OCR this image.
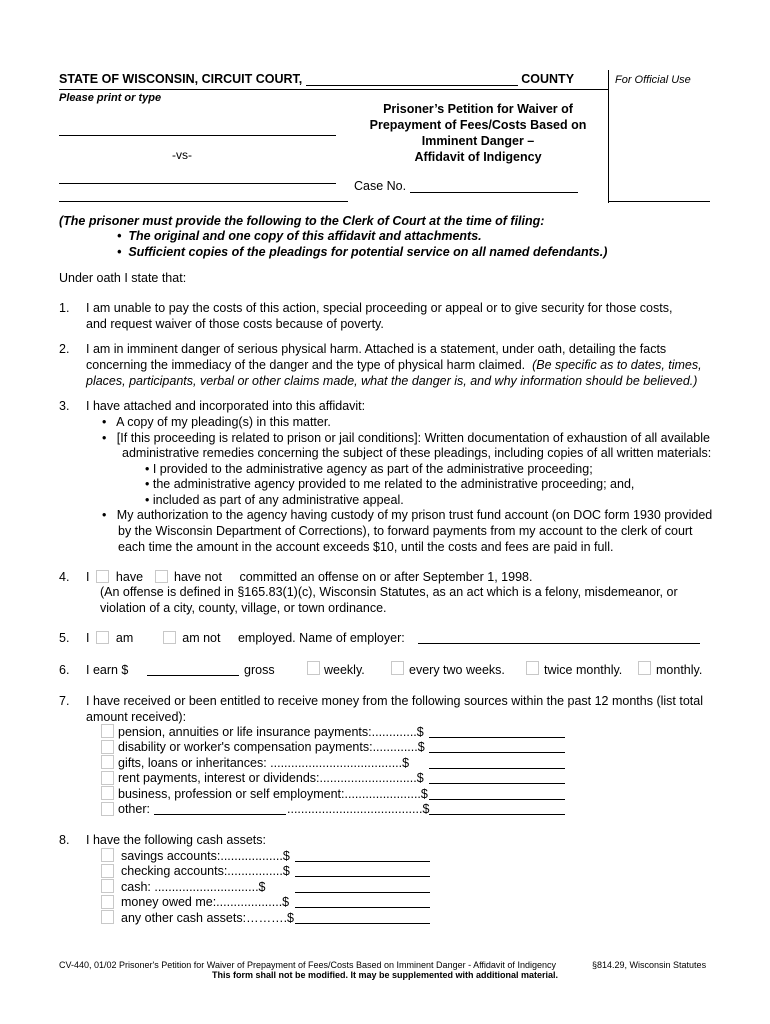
STATE OF WISCONSIN, CIRCUIT COURT,	COUNTY	For Official Use
Please print or type
-vs-
Prisoner’s Petition for Waiver of
Prepayment of Fees/Costs Based on
Imminent Danger –
Affidavit of Indigency
Case No.
(The prisoner must provide the following to the Clerk of Court at the time of filing:
•  The original and one copy of this affidavit and attachments.
•  Sufficient copies of the pleadings for potential service on all named defendants.)
Under oath I state that:
1. I am unable to pay the costs of this action, special proceeding or appeal or to give security for those costs,
and request waiver of those costs because of poverty.
2. I am in imminent danger of serious physical harm. Attached is a statement, under oath, detailing the facts
concerning the immediacy of the danger and the type of physical harm claimed. (Be specific as to dates, times,
places, participants, verbal or other claims made, what the danger is, and why information should be believed.)
3. I have attached and incorporated into this affidavit:
•   A copy of my pleading(s) in this matter.
•   [If this proceeding is related to prison or jail conditions]: Written documentation of exhaustion of all available
administrative remedies concerning the subject of these pleadings, including copies of all written materials:
• I provided to the administrative agency as part of the administrative proceeding;
• the administrative agency provided to me related to the administrative proceeding; and,
• included as part of any administrative appeal.
•   My authorization to the agency having custody of my prison trust fund account (on DOC form 1930 provided
by the Wisconsin Department of Corrections), to forward payments from my account to the clerk of court
each time the amount in the account exceeds $10, until the costs and fees are paid in full.
4. I have have not committed an offense on or after September 1, 1998.
(An offense is defined in §165.83(1)(c), Wisconsin Statutes, as an act which is a felony, misdemeanor, or
violation of a city, county, village, or town ordinance.
5. I am	am not employed. Name of employer:
6. I earn $	gross	weekly.	every two weeks.	twice monthly.	monthly.
7. I have received or been entitled to receive money from the following sources within the past 12 months (list total
amount received):
pension, annuities or life insurance payments:.............$
disability or worker's compensation payments:.............$
gifts, loans or inheritances: ......................................$
rent payments, interest or dividends:............................$
business, profession or self employment:......................$
other:	.......................................$
8. I have the following cash assets:
savings accounts:..................$
checking accounts:................$
cash: ..............................$
money owed me:...................$
any other cash assets:……….$
CV-440, 01/02 Prisoner's Petition for Waiver of Prepayment of Fees/Costs Based on Imminent Danger - Affidavit of Indigency	§814.29, Wisconsin Statutes
This form shall not be modified. It may be supplemented with additional material.
